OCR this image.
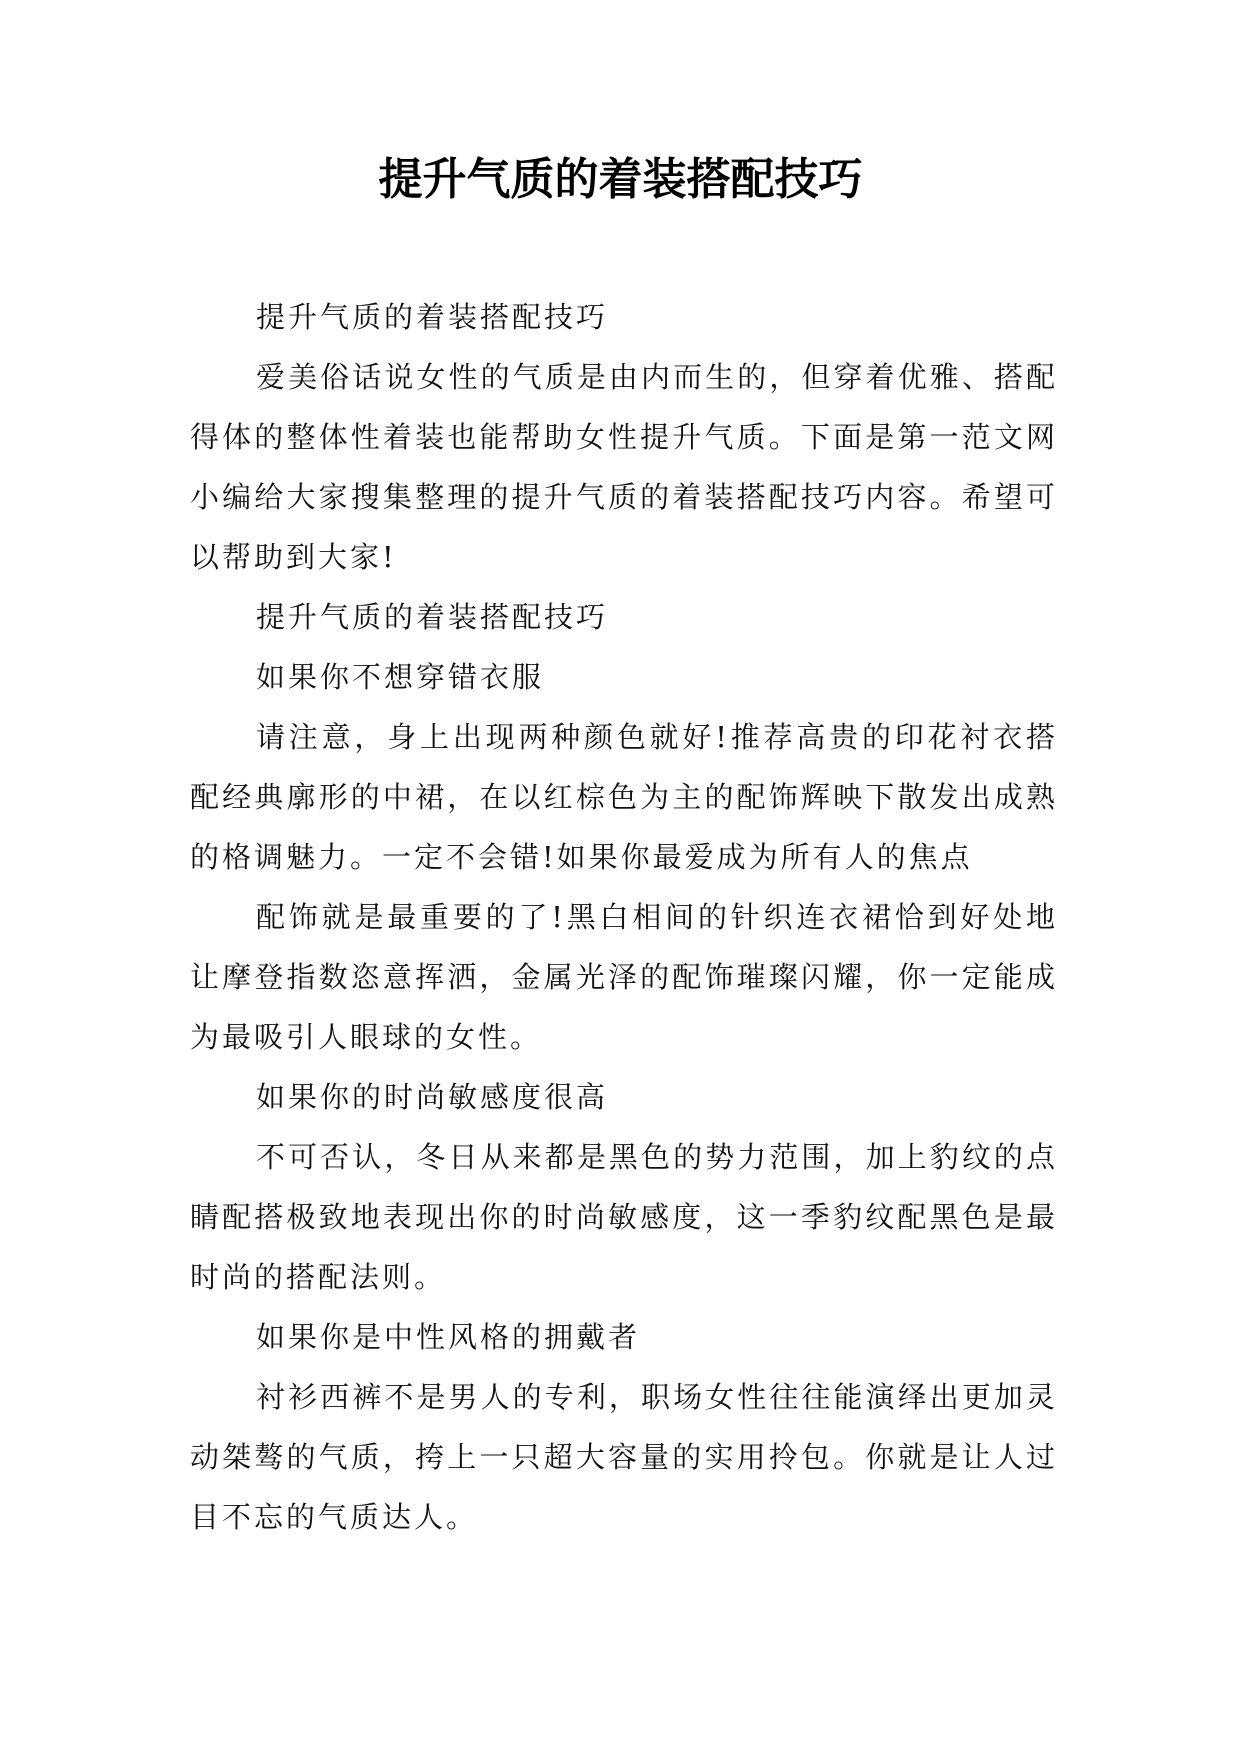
提升气质的着装搭配技巧

提升气质的着装搭配技巧

爱美俗话说女性的气质是由内而生的，但穿着优雅、搭配得体的整体性着装也能帮助女性提升气质。下面是第一范文网小编给大家搜集整理的提升气质的着装搭配技巧内容。希望可以帮助到大家!

提升气质的着装搭配技巧

如果你不想穿错衣服

请注意，身上出现两种颜色就好!推荐高贵的印花衬衣搭配经典廓形的中裙，在以红棕色为主的配饰辉映下散发出成熟的格调魅力。一定不会错!如果你最爱成为所有人的焦点

配饰就是最重要的了!黑白相间的针织连衣裙恰到好处地让摩登指数恣意挥洒，金属光泽的配饰璀璨闪耀，你一定能成为最吸引人眼球的女性。

如果你的时尚敏感度很高

不可否认，冬日从来都是黑色的势力范围，加上豹纹的点睛配搭极致地表现出你的时尚敏感度，这一季豹纹配黑色是最时尚的搭配法则。

如果你是中性风格的拥戴者

衬衫西裤不是男人的专利，职场女性往往能演绎出更加灵动桀骜的气质，挎上一只超大容量的实用拎包。你就是让人过目不忘的气质达人。
